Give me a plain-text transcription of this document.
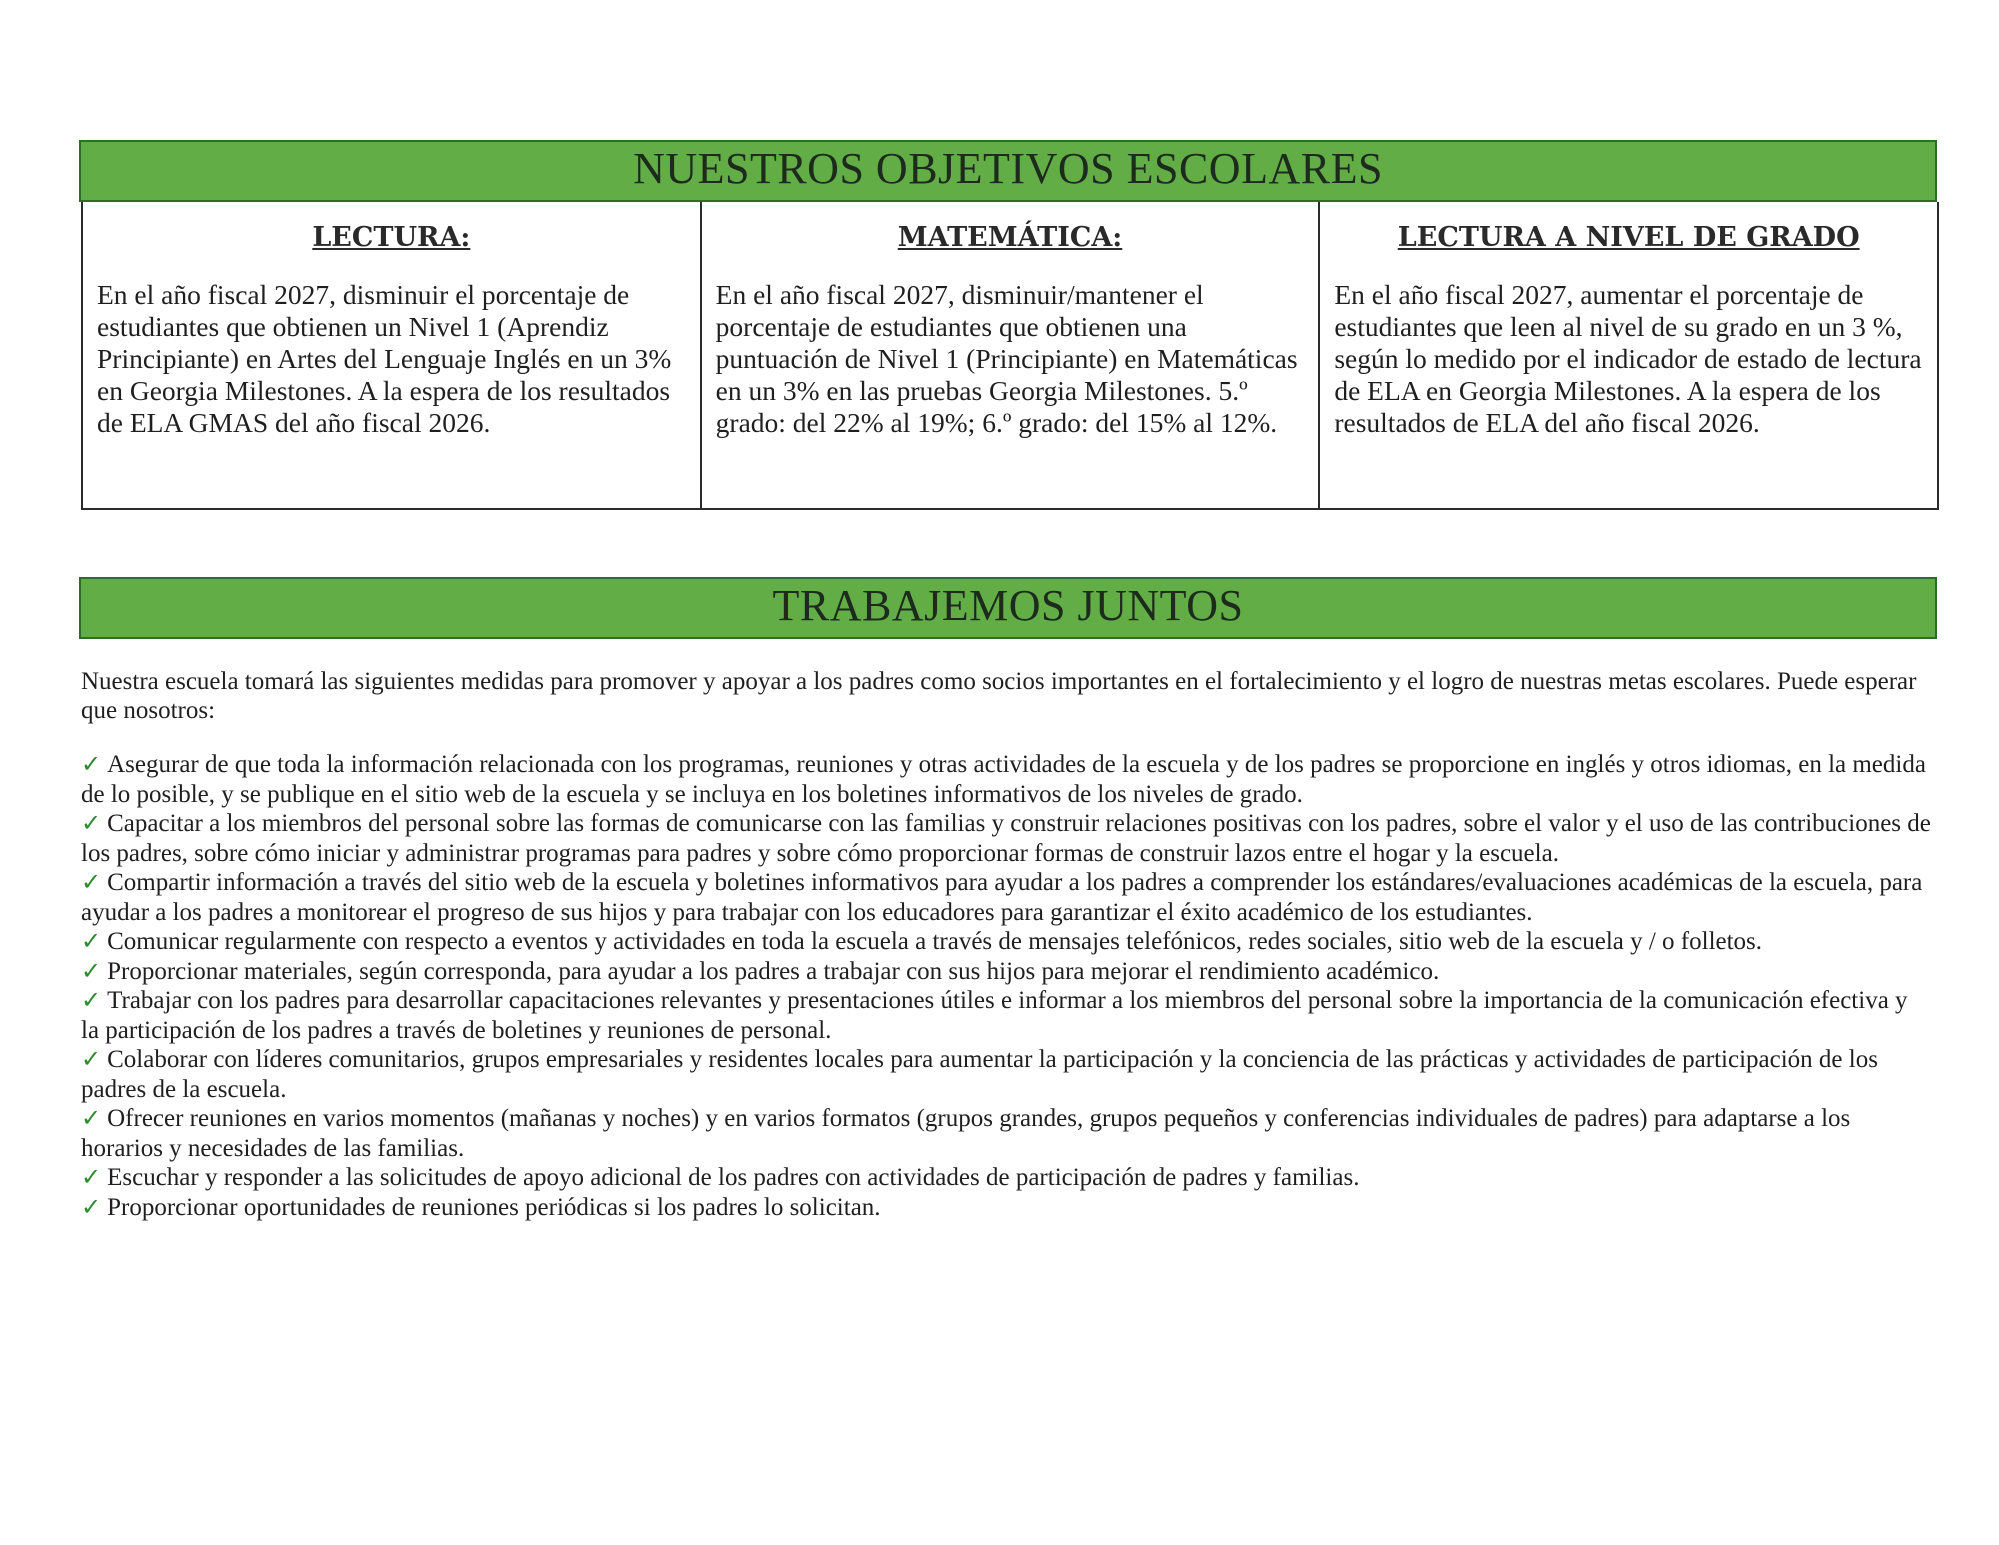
NUESTROS OBJETIVOS ESCOLARES

LECTURA:

En el año fiscal 2027, disminuir el porcentaje de estudiantes que obtienen un Nivel 1 (Aprendiz Principiante) en Artes del Lenguaje Inglés en un 3% en Georgia Milestones. A la espera de los resultados de ELA GMAS del año fiscal 2026.

MATEMÁTICA:

En el año fiscal 2027, disminuir/mantener el porcentaje de estudiantes que obtienen una puntuación de Nivel 1 (Principiante) en Matemáticas en un 3% en las pruebas Georgia Milestones. 5.º grado: del 22% al 19%; 6.º grado: del 15% al 12%.

LECTURA A NIVEL DE GRADO

En el año fiscal 2027, aumentar el porcentaje de estudiantes que leen al nivel de su grado en un 3 %, según lo medido por el indicador de estado de lectura de ELA en Georgia Milestones. A la espera de los resultados de ELA del año fiscal 2026.

TRABAJEMOS JUNTOS

Nuestra escuela tomará las siguientes medidas para promover y apoyar a los padres como socios importantes en el fortalecimiento y el logro de nuestras metas escolares. Puede esperar que nosotros:

✓ Asegurar de que toda la información relacionada con los programas, reuniones y otras actividades de la escuela y de los padres se proporcione en inglés y otros idiomas, en la medida de lo posible, y se publique en el sitio web de la escuela y se incluya en los boletines informativos de los niveles de grado.
✓ Capacitar a los miembros del personal sobre las formas de comunicarse con las familias y construir relaciones positivas con los padres, sobre el valor y el uso de las contribuciones de los padres, sobre cómo iniciar y administrar programas para padres y sobre cómo proporcionar formas de construir lazos entre el hogar y la escuela.
✓ Compartir información a través del sitio web de la escuela y boletines informativos para ayudar a los padres a comprender los estándares/evaluaciones académicas de la escuela, para ayudar a los padres a monitorear el progreso de sus hijos y para trabajar con los educadores para garantizar el éxito académico de los estudiantes.
✓ Comunicar regularmente con respecto a eventos y actividades en toda la escuela a través de mensajes telefónicos, redes sociales, sitio web de la escuela y / o folletos.
✓ Proporcionar materiales, según corresponda, para ayudar a los padres a trabajar con sus hijos para mejorar el rendimiento académico.
✓ Trabajar con los padres para desarrollar capacitaciones relevantes y presentaciones útiles e informar a los miembros del personal sobre la importancia de la comunicación efectiva y la participación de los padres a través de boletines y reuniones de personal.
✓ Colaborar con líderes comunitarios, grupos empresariales y residentes locales para aumentar la participación y la conciencia de las prácticas y actividades de participación de los padres de la escuela.
✓ Ofrecer reuniones en varios momentos (mañanas y noches) y en varios formatos (grupos grandes, grupos pequeños y conferencias individuales de padres) para adaptarse a los horarios y necesidades de las familias.
✓ Escuchar y responder a las solicitudes de apoyo adicional de los padres con actividades de participación de padres y familias.
✓ Proporcionar oportunidades de reuniones periódicas si los padres lo solicitan.
